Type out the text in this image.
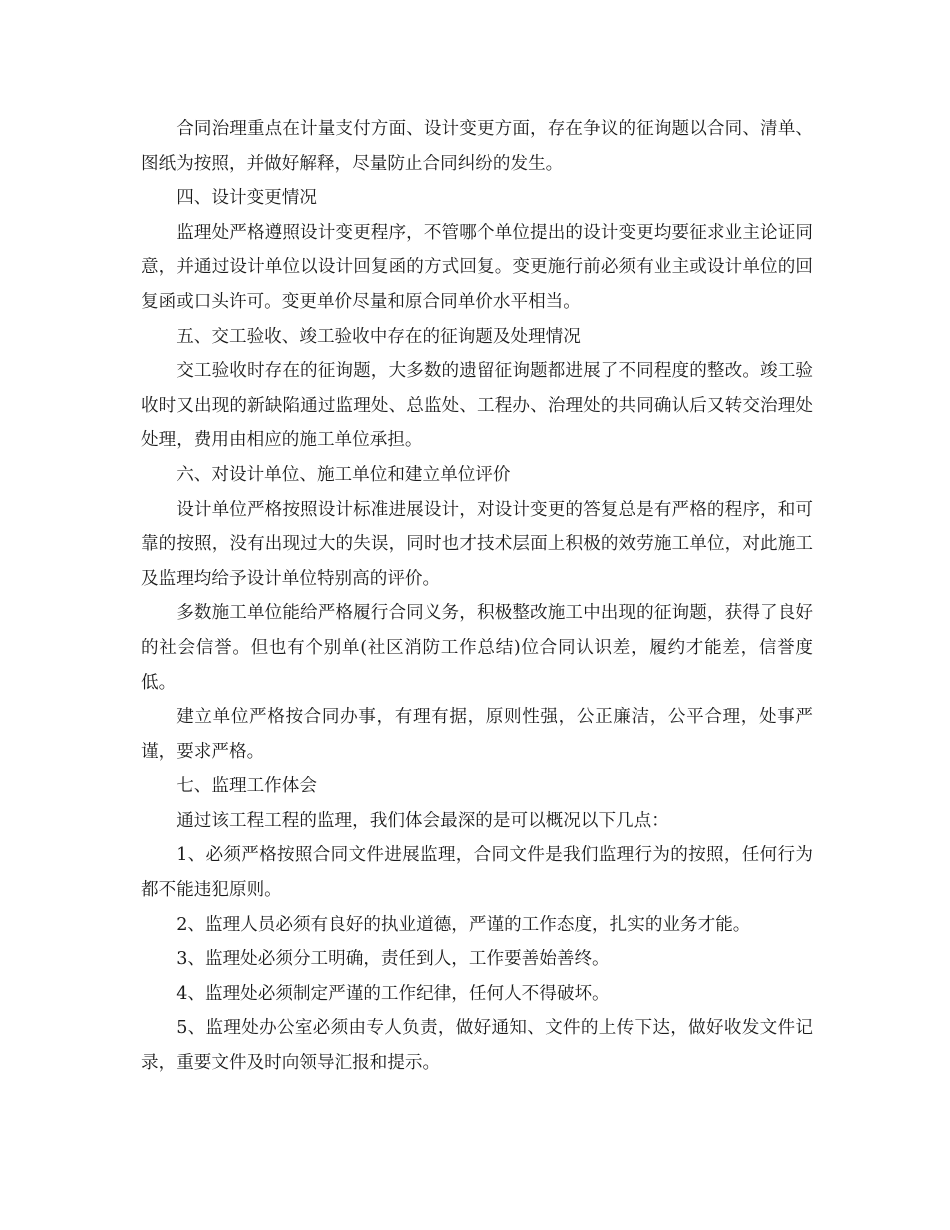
合同治理重点在计量支付方面、设计变更方面，存在争议的征询题以合同、清单、图纸为按照，并做好解释，尽量防止合同纠纷的发生。

四、设计变更情况

监理处严格遵照设计变更程序，不管哪个单位提出的设计变更均要征求业主论证同意，并通过设计单位以设计回复函的方式回复。变更施行前必须有业主或设计单位的回复函或口头许可。变更单价尽量和原合同单价水平相当。

五、交工验收、竣工验收中存在的征询题及处理情况

交工验收时存在的征询题，大多数的遗留征询题都进展了不同程度的整改。竣工验收时又出现的新缺陷通过监理处、总监处、工程办、治理处的共同确认后又转交治理处处理，费用由相应的施工单位承担。

六、对设计单位、施工单位和建立单位评价

设计单位严格按照设计标准进展设计，对设计变更的答复总是有严格的程序，和可靠的按照，没有出现过大的失误，同时也才技术层面上积极的效劳施工单位，对此施工及监理均给予设计单位特别高的评价。

多数施工单位能给严格履行合同义务，积极整改施工中出现的征询题，获得了良好的社会信誉。但也有个别单(社区消防工作总结)位合同认识差，履约才能差，信誉度低。

建立单位严格按合同办事，有理有据，原则性强，公正廉洁，公平合理，处事严谨，要求严格。

七、监理工作体会

通过该工程工程的监理，我们体会最深的是可以概况以下几点：

1、必须严格按照合同文件进展监理，合同文件是我们监理行为的按照，任何行为都不能违犯原则。

2、监理人员必须有良好的执业道德，严谨的工作态度，扎实的业务才能。

3、监理处必须分工明确，责任到人，工作要善始善终。

4、监理处必须制定严谨的工作纪律，任何人不得破坏。

5、监理处办公室必须由专人负责，做好通知、文件的上传下达，做好收发文件记录，重要文件及时向领导汇报和提示。
